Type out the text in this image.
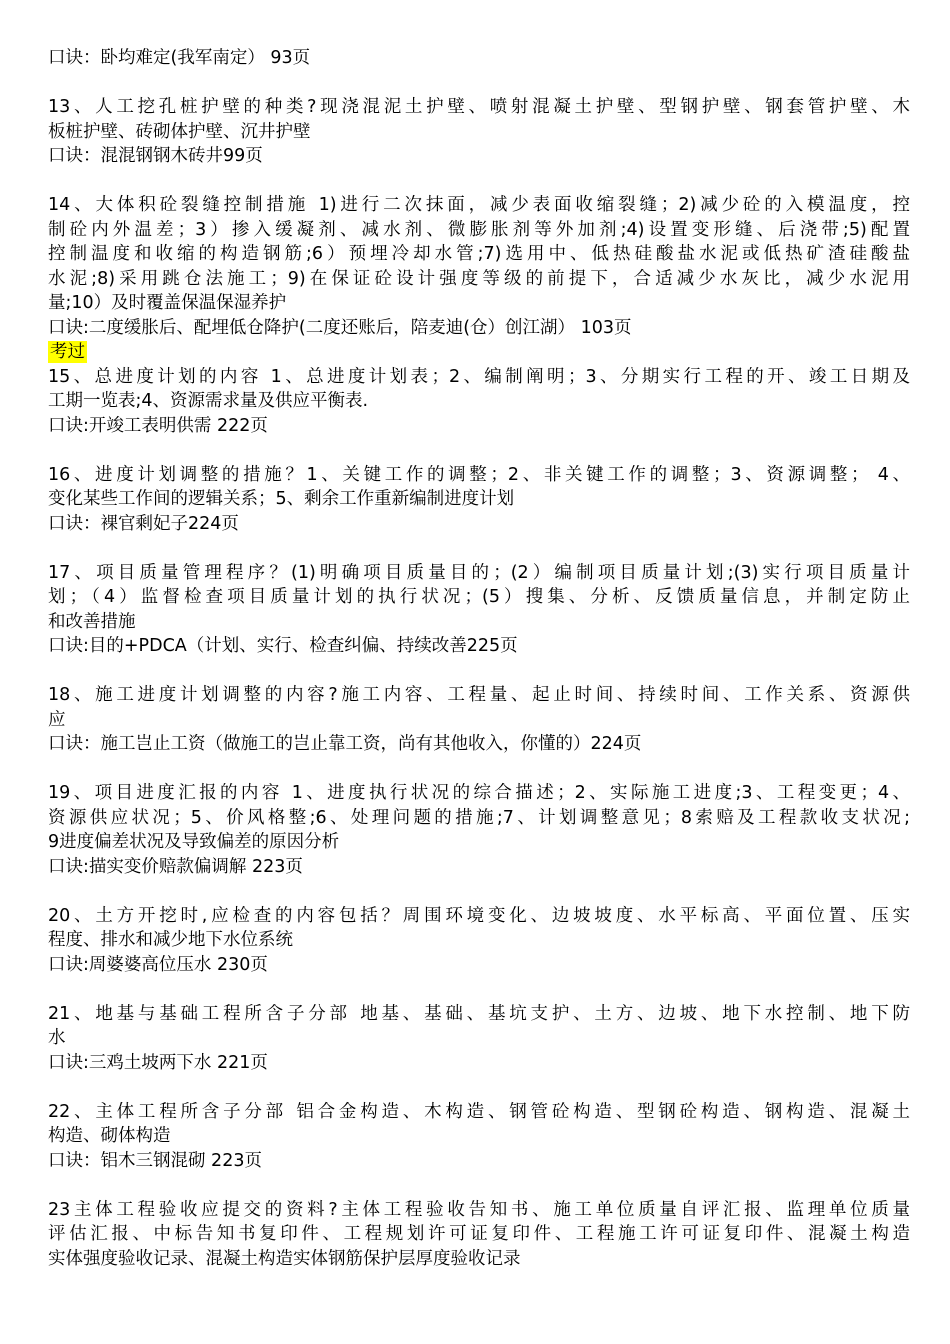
口诀：卧均难定(我军南定） 93页
13、人工挖孔桩护壁的种类?现浇混泥土护壁、喷射混凝土护壁、型钢护壁、钢套管护壁、木
板桩护壁、砖砌体护壁、沉井护壁
口诀：混混钢钢木砖井99页
14、大体积砼裂缝控制措施 1)进行二次抹面，减少表面收缩裂缝；2)减少砼的入模温度，控
制砼内外温差；3）掺入缓凝剂、减水剂、微膨胀剂等外加剂;4)设置变形缝、后浇带;5)配置
控制温度和收缩的构造钢筋;6）预埋冷却水管;7)选用中、低热硅酸盐水泥或低热矿渣硅酸盐
水泥;8)采用跳仓法施工；9)在保证砼设计强度等级的前提下，合适减少水灰比，减少水泥用
量;10）及时覆盖保温保湿养护
口诀:二度缓胀后、配埋低仓降护(二度还账后，陪麦迪(仓）创江湖） 103页
考过
15、总进度计划的内容 1、总进度计划表；2、编制阐明；3、分期实行工程的开、竣工日期及
工期一览表;4、资源需求量及供应平衡表.
口诀:开竣工表明供需 222页
16、进度计划调整的措施？1、关键工作的调整；2、非关键工作的调整；3、资源调整； 4、
变化某些工作间的逻辑关系；5、剩余工作重新编制进度计划
口诀：裸官剩妃子224页
17、项目质量管理程序？(1)明确项目质量目的；(2）编制项目质量计划;(3)实行项目质量计
划；（4）监督检查项目质量计划的执行状况；(5）搜集、分析、反馈质量信息，并制定防止
和改善措施
口诀:目的+PDCA（计划、实行、检查纠偏、持续改善225页
18、施工进度计划调整的内容?施工内容、工程量、起止时间、持续时间、工作关系、资源供
应
口诀：施工岂止工资（做施工的岂止靠工资，尚有其他收入，你懂的）224页
19、项目进度汇报的内容 1、进度执行状况的综合描述；2、实际施工进度;3、工程变更；4、
资源供应状况；5、价风格整;6、处理问题的措施;7、计划调整意见；8索赔及工程款收支状况;
9进度偏差状况及导致偏差的原因分析
口诀:描实变价赔款偏调解 223页
20、土方开挖时,应检查的内容包括？周围环境变化、边坡坡度、水平标高、平面位置、压实
程度、排水和减少地下水位系统
口诀:周婆婆高位压水 230页
21、地基与基础工程所含子分部 地基、基础、基坑支护、土方、边坡、地下水控制、地下防
水
口诀:三鸡土坡两下水 221页
22、主体工程所含子分部 铝合金构造、木构造、钢管砼构造、型钢砼构造、钢构造、混凝土
构造、砌体构造
口诀：铝木三钢混砌 223页
23主体工程验收应提交的资料?主体工程验收告知书、施工单位质量自评汇报、监理单位质量
评估汇报、中标告知书复印件、工程规划许可证复印件、工程施工许可证复印件、混凝土构造
实体强度验收记录、混凝土构造实体钢筋保护层厚度验收记录
